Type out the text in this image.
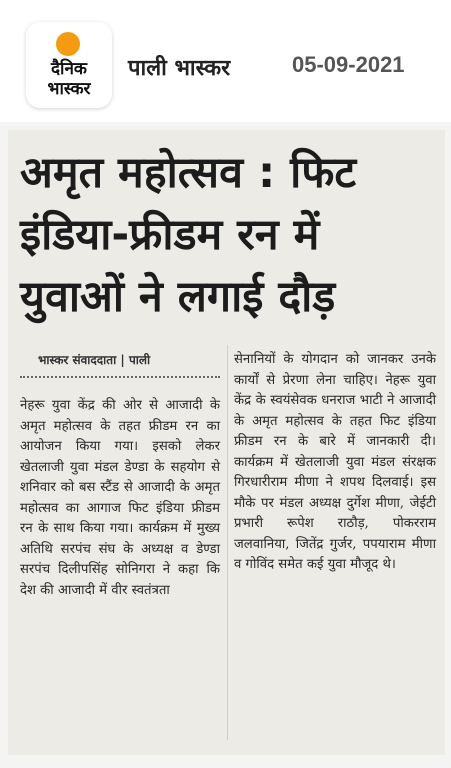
दैनिक
भास्कर
पाली भास्कर	05-09-2021
अमृत महोत्सव : फिट इंडिया-फ्रीडम रन में युवाओं ने लगाई दौड़
भास्कर संवाददाता | पाली
नेहरू युवा केंद्र की ओर से आजादी के अमृत महोत्सव के तहत फ्रीडम रन का आयोजन किया गया। इसको लेकर खेतलाजी युवा मंडल डेण्डा के सहयोग से शनिवार को बस स्टैंड से आजादी के अमृत महोत्सव का आगाज फिट इंडिया फ्रीडम रन के साथ किया गया। कार्यक्रम में मुख्य अतिथि सरपंच संघ के अध्यक्ष व डेण्डा सरपंच दिलीपसिंह सोनिगरा ने कहा कि देश की आजादी में वीर स्वतंत्रता
सेनानियों के योगदान को जानकर उनके कार्यों से प्रेरणा लेना चाहिए। नेहरू युवा केंद्र के स्वयंसेवक धनराज भाटी ने आजादी के अमृत महोत्सव के तहत फिट इंडिया फ्रीडम रन के बारे में जानकारी दी। कार्यक्रम में खेतलाजी युवा मंडल संरक्षक गिरधारीराम मीणा ने शपथ दिलवाई। इस मौके पर मंडल अध्यक्ष दुर्गेश मीणा, जेईटी प्रभारी रूपेश राठौड़, पोकरराम जलवानिया, जितेंद्र गुर्जर, पपयाराम मीणा व गोविंद समेत कई युवा मौजूद थे।
